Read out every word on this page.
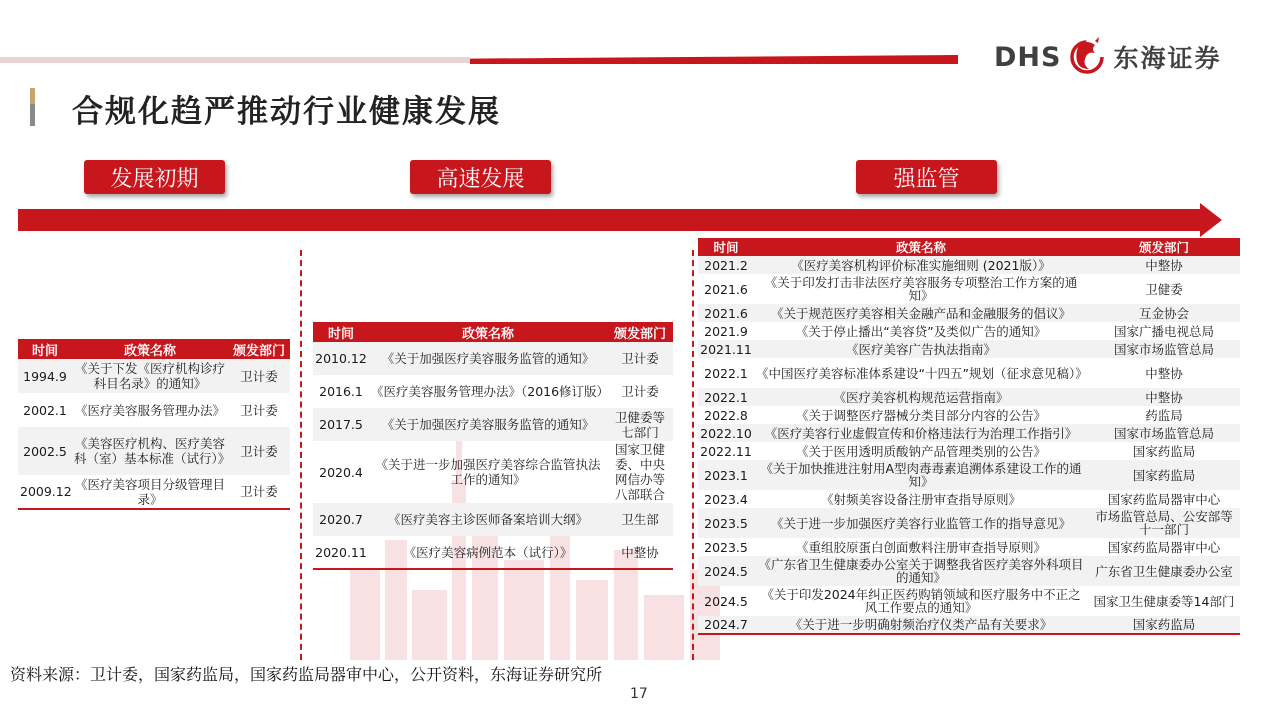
DHS 东海证券
合规化趋严推动行业健康发展
发展初期	高速发展	强监管
时间	政策名称	颁发部门
1994.9	《关于下发《医疗机构诊疗科目名录》的通知》	卫计委
2002.1	《医疗美容服务管理办法》	卫计委
2002.5	《美容医疗机构、医疗美容科（室）基本标准（试行）》	卫计委
2009.12	《医疗美容项目分级管理目录》	卫计委
时间	政策名称	颁发部门
2010.12	《关于加强医疗美容服务监管的通知》	卫计委
2016.1	《医疗美容服务管理办法》（2016修订版）	卫计委
2017.5	《关于加强医疗美容服务监管的通知》	卫健委等七部门
2020.4	《关于进一步加强医疗美容综合监管执法工作的通知》	国家卫健委、中央网信办等八部联合
2020.7	《医疗美容主诊医师备案培训大纲》	卫生部
2020.11	《医疗美容病例范本（试行）》	中整协
时间	政策名称	颁发部门
2021.2	《医疗美容机构评价标准实施细则 (2021版）》	中整协
2021.6	《关于印发打击非法医疗美容服务专项整治工作方案的通知》	卫健委
2021.6	《关于规范医疗美容相关金融产品和金融服务的倡议》	互金协会
2021.9	《关于停止播出“美容贷”及类似广告的通知》	国家广播电视总局
2021.11	《医疗美容广告执法指南》	国家市场监管总局
2022.1	《中国医疗美容标准体系建设“十四五”规划（征求意见稿）》	中整协
2022.1	《医疗美容机构规范运营指南》	中整协
2022.8	《关于调整医疗器械分类目部分内容的公告》	药监局
2022.10	《医疗美容行业虚假宣传和价格违法行为治理工作指引》	国家市场监管总局
2022.11	《关于医用透明质酸钠产品管理类别的公告》	国家药监局
2023.1	《关于加快推进注射用A型肉毒毒素追溯体系建设工作的通知》	国家药监局
2023.4	《射频美容设备注册审查指导原则》	国家药监局器审中心
2023.5	《关于进一步加强医疗美容行业监管工作的指导意见》	市场监管总局、公安部等十一部门
2023.5	《重组胶原蛋白创面敷料注册审查指导原则》	国家药监局器审中心
2024.5	《广东省卫生健康委办公室关于调整我省医疗美容外科项目的通知》	广东省卫生健康委办公室
2024.5	《关于印发2024年纠正医药购销领域和医疗服务中不正之风工作要点的通知》	国家卫生健康委等14部门
2024.7	《关于进一步明确射频治疗仪类产品有关要求》	国家药监局
资料来源：卫计委，国家药监局，国家药监局器审中心，公开资料，东海证券研究所
17
